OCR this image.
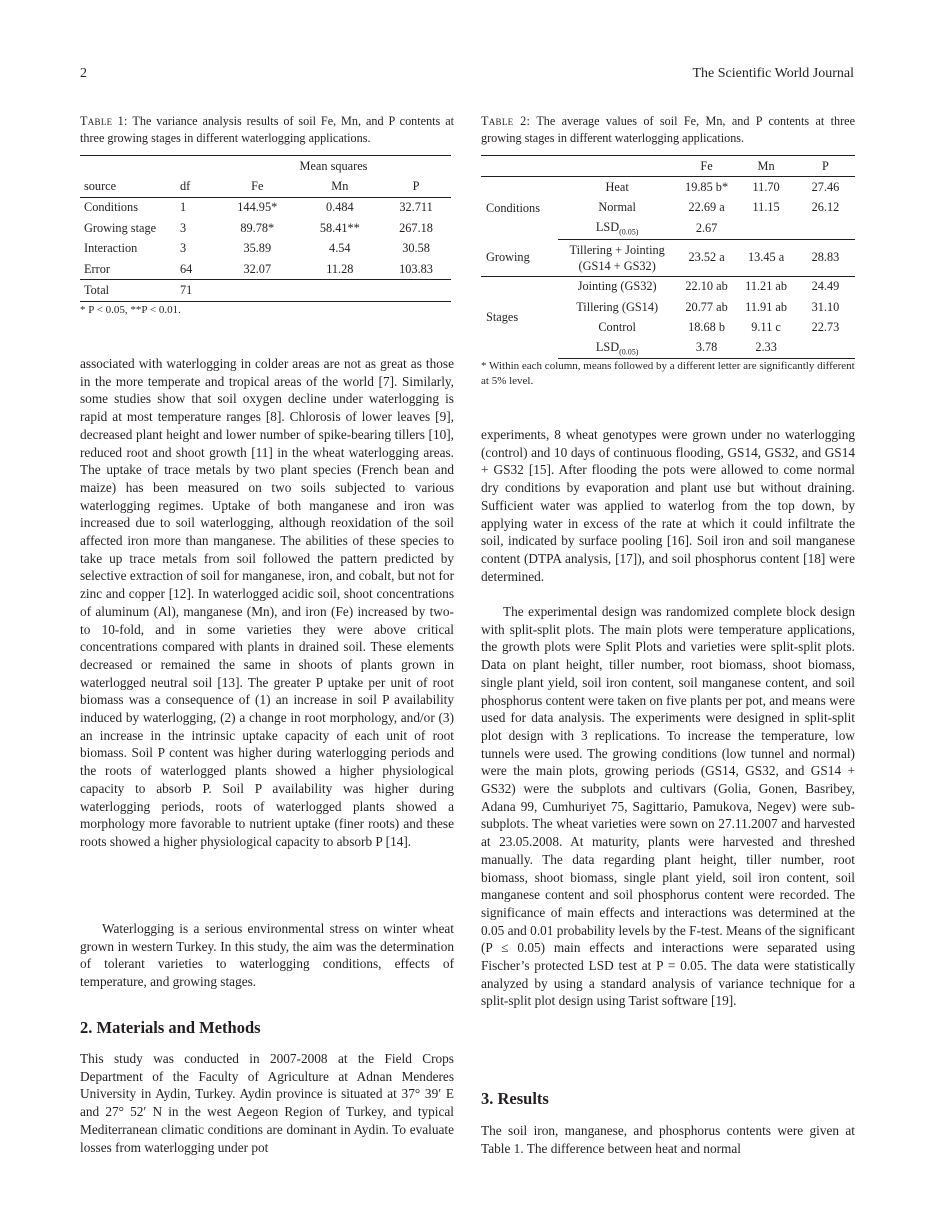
2	The Scientific World Journal

Table 1: The variance analysis results of soil Fe, Mn, and P contents at three growing stages in different waterlogging applications.

		Mean squares		
source	df	Fe	Mn	P
Conditions	1	144.95*	0.484	32.711
Growing stage	3	89.78*	58.41**	267.18
Interaction	3	35.89	4.54	30.58
Error	64	32.07	11.28	103.83
Total	71			

* P < 0.05, **P < 0.01.

associated with waterlogging in colder areas are not as great as those in the more temperate and tropical areas of the world [7]. Similarly, some studies show that soil oxygen decline under waterlogging is rapid at most temperature ranges [8]. Chlorosis of lower leaves [9], decreased plant height and lower number of spike-bearing tillers [10], reduced root and shoot growth [11] in the wheat waterlogging areas. The uptake of trace metals by two plant species (French bean and maize) has been measured on two soils subjected to various waterlogging regimes. Uptake of both manganese and iron was increased due to soil waterlogging, although reoxidation of the soil affected iron more than manganese. The abilities of these species to take up trace metals from soil followed the pattern predicted by selective extraction of soil for manganese, iron, and cobalt, but not for zinc and copper [12]. In waterlogged acidic soil, shoot concentrations of aluminum (Al), manganese (Mn), and iron (Fe) increased by two- to 10-fold, and in some varieties they were above critical concentrations compared with plants in drained soil. These elements decreased or remained the same in shoots of plants grown in waterlogged neutral soil [13]. The greater P uptake per unit of root biomass was a consequence of (1) an increase in soil P availability induced by waterlogging, (2) a change in root morphology, and/or (3) an increase in the intrinsic uptake capacity of each unit of root biomass. Soil P content was higher during waterlogging periods and the roots of waterlogged plants showed a higher physiological capacity to absorb P. Soil P availability was higher during waterlogging periods, roots of waterlogged plants showed a morphology more favorable to nutrient uptake (finer roots) and these roots showed a higher physiological capacity to absorb P [14].

Waterlogging is a serious environmental stress on winter wheat grown in western Turkey. In this study, the aim was the determination of tolerant varieties to waterlogging conditions, effects of temperature, and growing stages.

2. Materials and Methods

This study was conducted in 2007-2008 at the Field Crops Department of the Faculty of Agriculture at Adnan Menderes University in Aydin, Turkey. Aydin province is situated at 37° 39′ E and 27° 52′ N in the west Aegeon Region of Turkey, and typical Mediterranean climatic conditions are dominant in Aydin. To evaluate losses from waterlogging under pot

Table 2: The average values of soil Fe, Mn, and P contents at three growing stages in different waterlogging applications.

		Fe	Mn	P
Conditions	Heat	19.85 b*	11.70	27.46
	Normal	22.69 a	11.15	26.12
	$LSD_{(0.05)}$	2.67		
Growing	Tillering + Jointing
(GS14 + GS32)	23.52 a	13.45 a	28.83
Stages	Jointing (GS32)	22.10 ab	11.21 ab	24.49
	Tillering (GS14)	20.77 ab	11.91 ab	31.10
	Control	18.68 b	9.11 c	22.73
	$LSD_{(0.05)}$	3.78	2.33	

* Within each column, means followed by a different letter are significantly different at 5% level.

experiments, 8 wheat genotypes were grown under no waterlogging (control) and 10 days of continuous flooding, GS14, GS32, and GS14 + GS32 [15]. After flooding the pots were allowed to come normal dry conditions by evaporation and plant use but without draining. Sufficient water was applied to waterlog from the top down, by applying water in excess of the rate at which it could infiltrate the soil, indicated by surface pooling [16]. Soil iron and soil manganese content (DTPA analysis, [17]), and soil phosphorus content [18] were determined.

The experimental design was randomized complete block design with split-split plots. The main plots were temperature applications, the growth plots were Split Plots and varieties were split-split plots. Data on plant height, tiller number, root biomass, shoot biomass, single plant yield, soil iron content, soil manganese content, and soil phosphorus content were taken on five plants per pot, and means were used for data analysis. The experiments were designed in split-split plot design with 3 replications. To increase the temperature, low tunnels were used. The growing conditions (low tunnel and normal) were the main plots, growing periods (GS14, GS32, and GS14 + GS32) were the subplots and cultivars (Golia, Gonen, Basribey, Adana 99, Cumhuriyet 75, Sagittario, Pamukova, Negev) were sub-subplots. The wheat varieties were sown on 27.11.2007 and harvested at 23.05.2008. At maturity, plants were harvested and threshed manually. The data regarding plant height, tiller number, root biomass, shoot biomass, single plant yield, soil iron content, soil manganese content and soil phosphorus content were recorded. The significance of main effects and interactions was determined at the 0.05 and 0.01 probability levels by the F-test. Means of the significant (P ≤ 0.05) main effects and interactions were separated using Fischer’s protected LSD test at P = 0.05. The data were statistically analyzed by using a standard analysis of variance technique for a split-split plot design using Tarist software [19].

3. Results

The soil iron, manganese, and phosphorus contents were given at Table 1. The difference between heat and normal
